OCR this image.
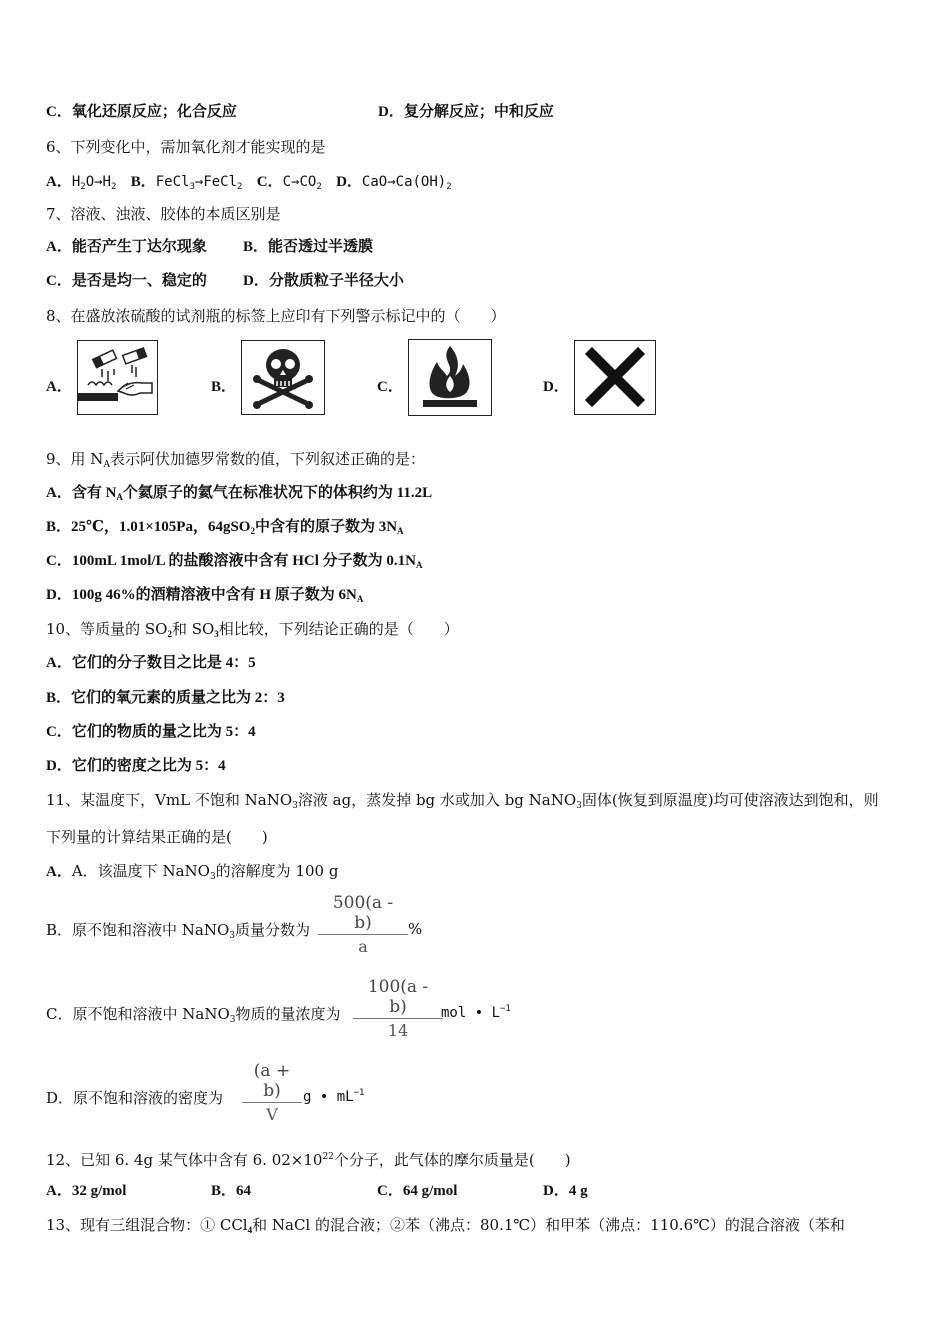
C．氧化还原反应；化合反应	D．复分解反应；中和反应
6、下列变化中，需加氧化剂才能实现的是
A．$H_2O\to H_2$ B．FeCl$_3$→FeCl$_2$ C．$C\to CO_2$ D．$CaO\to Ca(OH)_2$
7、溶液、浊液、胶体的本质区别是
A．能否产生丁达尔现象 B．能否透过半透膜
C．是否是均一、稳定的 D．分散质粒子半径大小
8、在盛放浓硫酸的试剂瓶的标签上应印有下列警示标记中的（　　）
A．	B．	C．	D．
9、用 $N_A$表示阿伏加德罗常数的值，下列叙述正确的是：
A．含有 $N_A$个氦原子的氦气在标准状况下的体积约为 11.2L
B．25℃，1.01×105Pa，64gSO$_2$中含有的原子数为 $3N_A$
C．100mL 1mol/L 的盐酸溶液中含有 HCl 分子数为 $0.1N_A$
D．100g 46%的酒精溶液中含有 H 原子数为 $6N_A$
10、等质量的 $SO_2$和 $SO_3$相比较，下列结论正确的是（　　）
A．它们的分子数目之比是 4：5
B．它们的氧元素的质量之比为 2：3
C．它们的物质的量之比为 5：4
D．它们的密度之比为 5：4
11、某温度下，VmL 不饱和 NaNO$_3$溶液 ag，蒸发掉 bg 水或加入 bg NaNO$_3$固体(恢复到原温度)均可使溶液达到饱和，则
下列量的计算结果正确的是(　　)
A．A．该温度下 NaNO$_3$的溶解度为 100 g
B．原不饱和溶液中 NaNO$_3$质量分数为
500(a - b)
a
%
C．原不饱和溶液中 NaNO$_3$物质的量浓度为
100(a - b)
14
mol • $L^{-1}$
D．原不饱和溶液的密度为
(a + b)
V
g • $mL^{-1}$
12、已知 6. 4g 某气体中含有 6. $02\times 10^{22}$个分子，此气体的摩尔质量是(　　)
A．32 g/mol	B．64	C．64 g/mol	D．4 g
13、现有三组混合物：① CCl$_4$和 NaCl 的混合液；②苯（沸点：80.1℃）和甲苯（沸点：110.6℃）的混合溶液（苯和
